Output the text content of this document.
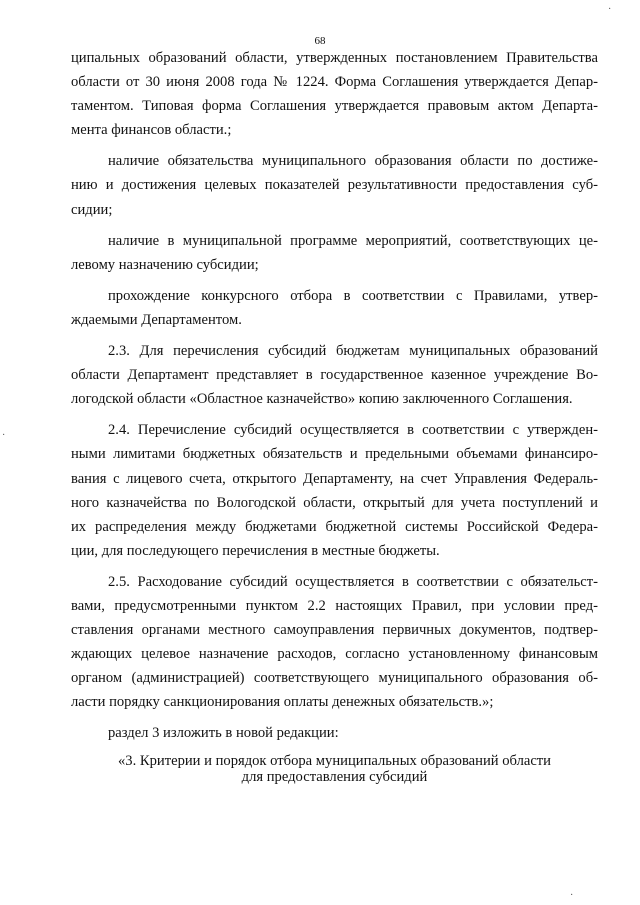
68
ципальных образований области, утвержденных постановлением Правительства
области от 30 июня 2008 года № 1224. Форма Соглашения утверждается Депар-
таментом. Типовая форма Соглашения утверждается правовым актом Департа-
мента финансов области.;
наличие обязательства муниципального образования области по достиже-
нию и достижения целевых показателей результативности предоставления суб-
сидии;
наличие в муниципальной программе мероприятий, соответствующих це-
левому назначению субсидии;
прохождение конкурсного отбора в соответствии с Правилами, утвер-
ждаемыми Департаментом.
2.3. Для перечисления субсидий бюджетам муниципальных образований
области Департамент представляет в государственное казенное учреждение Во-
логодской области «Областное казначейство» копию заключенного Соглашения.
2.4. Перечисление субсидий осуществляется в соответствии с утвержден-
ными лимитами бюджетных обязательств и предельными объемами финансиро-
вания с лицевого счета, открытого Департаменту, на счет Управления Федераль-
ного казначейства по Вологодской области, открытый для учета поступлений и
их распределения между бюджетами бюджетной системы Российской Федера-
ции, для последующего перечисления в местные бюджеты.
2.5. Расходование субсидий осуществляется в соответствии с обязательст-
вами, предусмотренными пунктом 2.2 настоящих Правил, при условии пред-
ставления органами местного самоуправления первичных документов, подтвер-
ждающих целевое назначение расходов, согласно установленному финансовым
органом (администрацией) соответствующего муниципального образования об-
ласти порядку санкционирования оплаты денежных обязательств.»;
раздел 3 изложить в новой редакции:
«3. Критерии и порядок отбора муниципальных образований области
для предоставления субсидий
·
·
·
